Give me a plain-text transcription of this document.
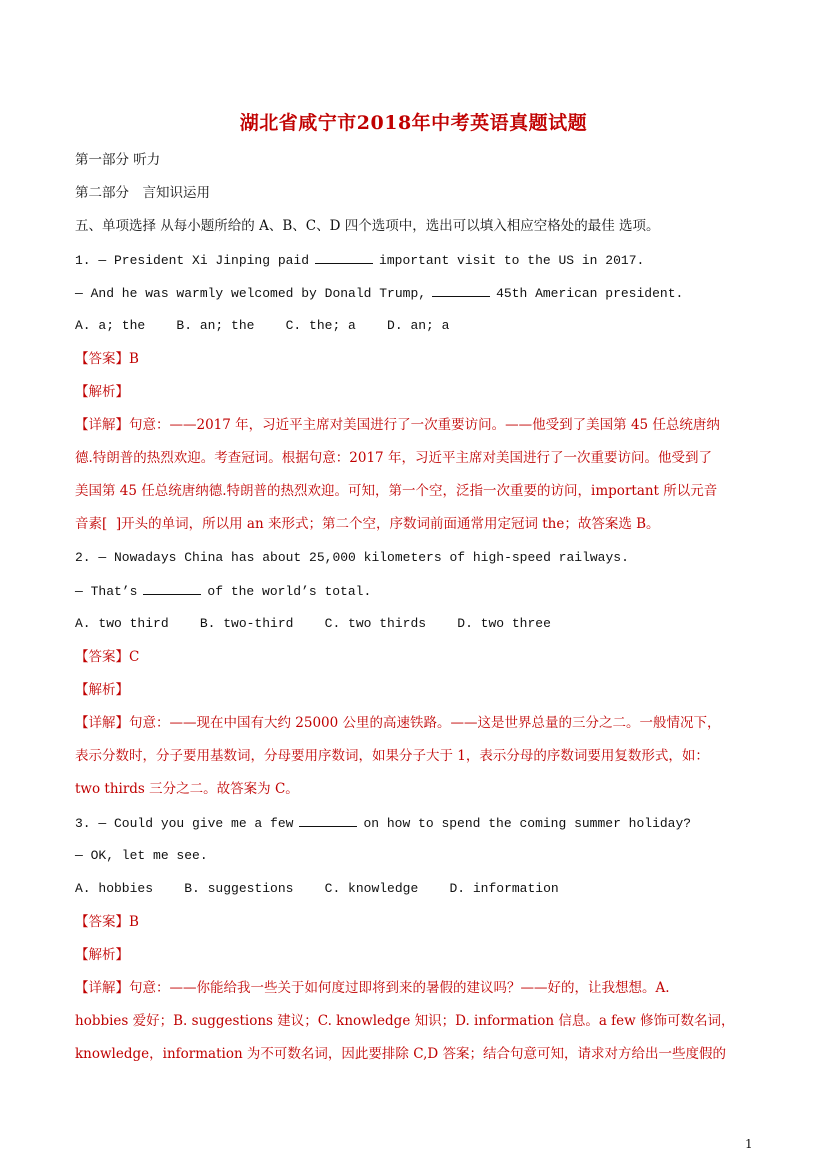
湖北省咸宁市2018年中考英语真题试题
第一部分 听力
第二部分　言知识运用
五、单项选择 从每小题所给的 A、B、C、D 四个选项中，选出可以填入相应空格处的最佳 选项。
1. — President Xi Jinping paid	important visit to the US in 2017.
— And he was warmly welcomed by Donald Trump,	45th American president.
A. a; the    B. an; the    C. the; a    D. an; a
【答案】B
【解析】
【详解】句意：——2017 年，习近平主席对美国进行了一次重要访问。——他受到了美国第 45 任总统唐纳
德.特朗普的热烈欢迎。考查冠词。根据句意：2017 年，习近平主席对美国进行了一次重要访问。他受到了
美国第 45 任总统唐纳德.特朗普的热烈欢迎。可知，第一个空，泛指一次重要的访问，important 所以元音
音素[  ]开头的单词，所以用 an 来形式；第二个空，序数词前面通常用定冠词 the；故答案选 B。
2. — Nowadays China has about 25,000 kilometers of high-speed railways.
— That’s	of the world’s total.
A. two third    B. two-third    C. two thirds    D. two three
【答案】C
【解析】
【详解】句意：——现在中国有大约 25000 公里的高速铁路。——这是世界总量的三分之二。一般情况下，
表示分数时，分子要用基数词，分母要用序数词，如果分子大于 1，表示分母的序数词要用复数形式，如：
two thirds 三分之二。故答案为 C。
3. — Could you give me a few	on how to spend the coming summer holiday?
— OK, let me see.
A. hobbies    B. suggestions    C. knowledge    D. information
【答案】B
【解析】
【详解】句意：——你能给我一些关于如何度过即将到来的暑假的建议吗？——好的，让我想想。A.
hobbies 爱好；B. suggestions 建议；C. knowledge 知识；D. information 信息。a few 修饰可数名词，
knowledge，information 为不可数名词，因此要排除 C,D 答案；结合句意可知，请求对方给出一些度假的
1
